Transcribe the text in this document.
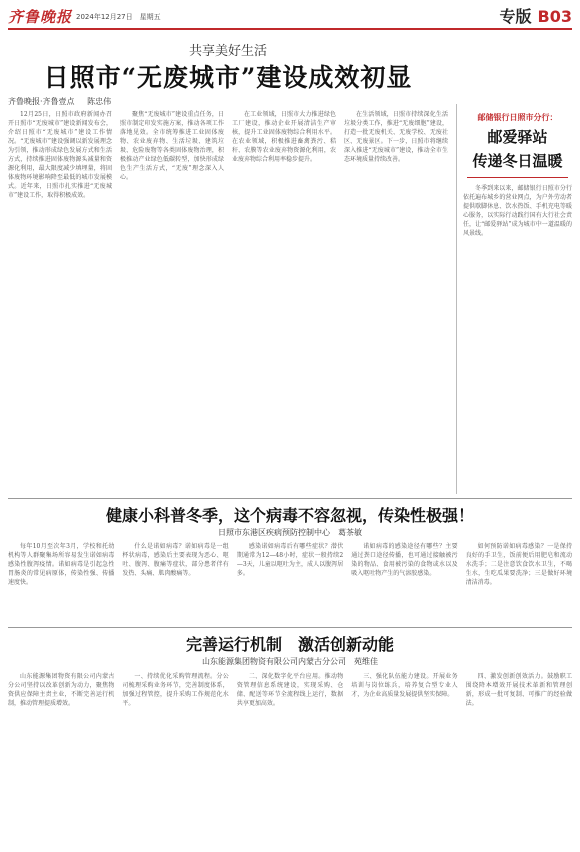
齐鲁晚报 2024年12月27日　星期五	专版 B03
共享美好生活
日照市“无废城市”建设成效初显
齐鲁晚报·齐鲁壹点 陈忠伟

12月25日，日照市政府新闻办召开日照市“无废城市”建设新闻发布会，介绍日照市“无废城市”建设工作情况。“无废城市”建设强调以新发展理念为引领，推动形成绿色发展方式和生活方式，持续推进固体废物源头减量和资源化利用，最大限度减少填埋量，将固体废物环境影响降至最低的城市发展模式。近年来，日照市扎实推进“无废城市”建设工作，取得积极成效。

聚焦“无废城市”建设重点任务，日照市制定印发实施方案，推动各项工作落地见效。全市统筹推进工业固体废物、农业废弃物、生活垃圾、建筑垃圾、危险废物等各类固体废物治理，积极推动产业绿色低碳转型，加快形成绿色生产生活方式，“无废”理念深入人心。

在工业领域，日照市大力推进绿色工厂建设，推动企业开展清洁生产审核，提升工业固体废物综合利用水平。在农业领域，积极推进畜禽粪污、秸秆、农膜等农业废弃物资源化利用，农业废弃物综合利用率稳步提升。

在生活领域，日照市持续深化生活垃圾分类工作，推进“无废细胞”建设，打造一批无废机关、无废学校、无废社区、无废景区。下一步，日照市将继续深入推进“无废城市”建设，推动全市生态环境质量持续改善。

邮储银行日照市分行：
邮爱驿站
传递冬日温暖

冬季到来以来，邮储银行日照市分行依托遍布城乡的营业网点，为户外劳动者提供歇脚休息、饮水热饭、手机充电等暖心服务，以实际行动践行国有大行社会责任，让“邮爱驿站”成为城市中一道温暖的风景线。

健康小科普冬季，这个病毒不容忽视，传染性极强！
日照市东港区疾病预防控制中心　葛茶敏

每年10月至次年3月，学校和托幼机构等人群聚集场所容易发生诺如病毒感染性腹泻疫情。诺如病毒是引起急性胃肠炎的常见病原体，传染性强、传播速度快。

什么是诺如病毒？诺如病毒是一组杯状病毒，感染后主要表现为恶心、呕吐、腹泻、腹痛等症状，部分患者伴有发热、头痛、肌肉酸痛等。

感染诺如病毒后有哪些症状？潜伏期通常为12—48小时，症状一般持续2—3天，儿童以呕吐为主，成人以腹泻居多。

诺如病毒的感染途径有哪些？主要通过粪口途径传播，也可通过接触被污染的物品、食用被污染的食物或水以及吸入呕吐物产生的气溶胶感染。

如何预防诺如病毒感染？一是保持良好的手卫生，饭前便后用肥皂和流动水洗手；二是注意饮食饮水卫生，不喝生水，生吃瓜果要洗净；三是做好环境清洁消毒。

完善运行机制　激活创新动能
山东能源集团物资有限公司内蒙古分公司　苑维佳

山东能源集团物资有限公司内蒙古分公司坚持以改革创新为动力，聚焦物资供应保障主责主业，不断完善运行机制，推动管理提质增效。

一、持续优化采购管理流程。分公司梳理采购业务环节，完善制度体系，加强过程管控，提升采购工作规范化水平。

二、深化数字化平台应用。推动物资管理信息系统建设，实现采购、仓储、配送等环节全流程线上运行，数据共享更加高效。

三、强化队伍能力建设。开展业务培训与岗位练兵，培养复合型专业人才，为企业高质量发展提供坚实保障。

四、激发创新创效活力。鼓励职工围绕降本增效开展技术革新和管理创新，形成一批可复制、可推广的经验做法。
